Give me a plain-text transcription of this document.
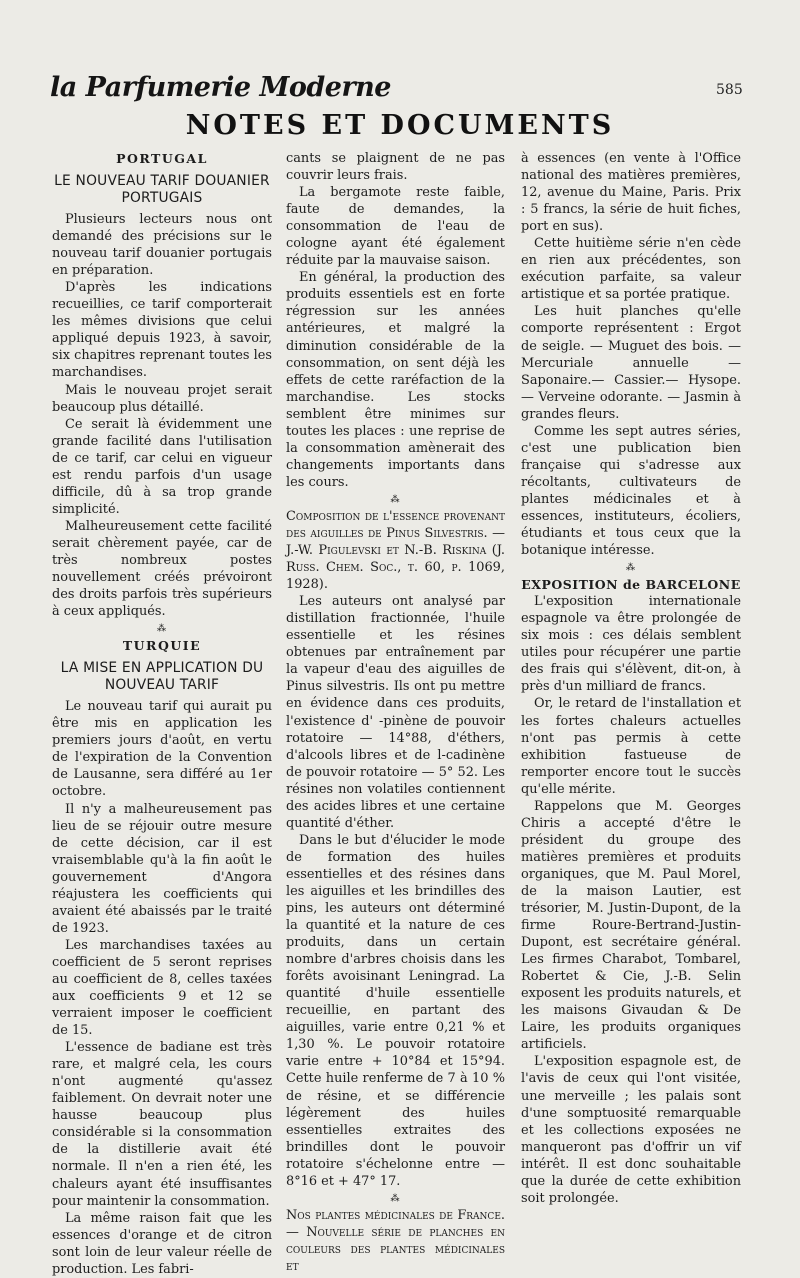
la Parfumerie Moderne	585
NOTES ET DOCUMENTS
PORTUGAL
LE NOUVEAU TARIF DOUANIER PORTUGAIS

Plusieurs lecteurs nous ont demandé des précisions sur le nouveau tarif douanier portugais en préparation.

D'après les indications recueillies, ce tarif comporterait les mêmes divisions que celui appliqué depuis 1923, à savoir, six chapitres reprenant toutes les marchandises.

Mais le nouveau projet serait beaucoup plus détaillé.

Ce serait là évidemment une grande facilité dans l'utilisation de ce tarif, car celui en vigueur est rendu parfois d'un usage difficile, dû à sa trop grande simplicité.

Malheureusement cette facilité serait chèrement payée, car de très nombreux postes nouvellement créés prévoiront des droits parfois très supérieurs à ceux appliqués.

⁂
TURQUIE
LA MISE EN APPLICATION DU NOUVEAU TARIF

Le nouveau tarif qui aurait pu être mis en application les premiers jours d'août, en vertu de l'expiration de la Convention de Lausanne, sera différé au 1er octobre.

Il n'y a malheureusement pas lieu de se réjouir outre mesure de cette décision, car il est vraisemblable qu'à la fin août le gouvernement d'Angora réajustera les coefficients qui avaient été abaissés par le traité de 1923.

Les marchandises taxées au coefficient de 5 seront reprises au coefficient de 8, celles taxées aux coefficients 9 et 12 se verraient imposer le coefficient de 15.

L'essence de badiane est très rare, et malgré cela, les cours n'ont augmenté qu'assez faiblement. On devrait noter une hausse beaucoup plus considérable si la consommation de la distillerie avait été normale. Il n'en a rien été, les chaleurs ayant été insuffisantes pour maintenir la consommation.

La même raison fait que les essences d'orange et de citron sont loin de leur valeur réelle de production. Les fabri-

cants se plaignent de ne pas couvrir leurs frais.

La bergamote reste faible, faute de demandes, la consommation de l'eau de cologne ayant été également réduite par la mauvaise saison.

En général, la production des produits essentiels est en forte régression sur les années antérieures, et malgré la diminution considérable de la consommation, on sent déjà les effets de cette raréfaction de la marchandise. Les stocks semblent être minimes sur toutes les places : une reprise de la consommation amènerait des changements importants dans les cours.

⁂

Composition de l'essence provenant des aiguilles de Pinus Silvestris. — J.-W. Pigulevski et N.-B. Riskina (J. Russ. Chem. Soc., t. 60, p. 1069, 1928).

Les auteurs ont analysé par distillation fractionnée, l'huile essentielle et les résines obtenues par entraînement par la vapeur d'eau des aiguilles de Pinus silvestris. Ils ont pu mettre en évidence dans ces produits, l'existence d' -pinène de pouvoir rotatoire — 14°88, d'éthers, d'alcools libres et de l-cadinène de pouvoir rotatoire — 5° 52. Les résines non volatiles contiennent des acides libres et une certaine quantité d'éther.

Dans le but d'élucider le mode de formation des huiles essentielles et des résines dans les aiguilles et les brindilles des pins, les auteurs ont déterminé la quantité et la nature de ces produits, dans un certain nombre d'arbres choisis dans les forêts avoisinant Leningrad. La quantité d'huile essentielle recueillie, en partant des aiguilles, varie entre 0,21 % et 1,30 %. Le pouvoir rotatoire varie entre + 10°84 et 15°94. Cette huile renferme de 7 à 10 % de résine, et se différencie légèrement des huiles essentielles extraites des brindilles dont le pouvoir rotatoire s'échelonne entre — 8°16 et + 47° 17.

⁂

Nos plantes médicinales de France. — Nouvelle série de planches en couleurs des plantes médicinales et

à essences (en vente à l'Office national des matières premières, 12, avenue du Maine, Paris. Prix : 5 francs, la série de huit fiches, port en sus).

Cette huitième série n'en cède en rien aux précédentes, son exécution parfaite, sa valeur artistique et sa portée pratique.

Les huit planches qu'elle comporte représentent : Ergot de seigle. — Muguet des bois. — Mercuriale annuelle — Saponaire.— Cassier.— Hysope.— Verveine odorante. — Jasmin à grandes fleurs.

Comme les sept autres séries, c'est une publication bien française qui s'adresse aux récoltants, cultivateurs de plantes médicinales et à essences, instituteurs, écoliers, étudiants et tous ceux que la botanique intéresse.

⁂

EXPOSITION de BARCELONE

L'exposition internationale espagnole va être prolongée de six mois : ces délais semblent utiles pour récupérer une partie des frais qui s'élèvent, dit-on, à près d'un milliard de francs.

Or, le retard de l'installation et les fortes chaleurs actuelles n'ont pas permis à cette exhibition fastueuse de remporter encore tout le succès qu'elle mérite.

Rappelons que M. Georges Chiris a accepté d'être le président du groupe des matières premières et produits organiques, que M. Paul Morel, de la maison Lautier, est trésorier, M. Justin-Dupont, de la firme Roure-Bertrand-Justin-Dupont, est secrétaire général. Les firmes Charabot, Tombarel, Robertet & Cie, J.-B. Selin exposent les produits naturels, et les maisons Givaudan & De Laire, les produits organiques artificiels.

L'exposition espagnole est, de l'avis de ceux qui l'ont visitée, une merveille ; les palais sont d'une somptuosité remarquable et les collections exposées ne manqueront pas d'offrir un vif intérêt. Il est donc souhaitable que la durée de cette exhibition soit prolongée.
